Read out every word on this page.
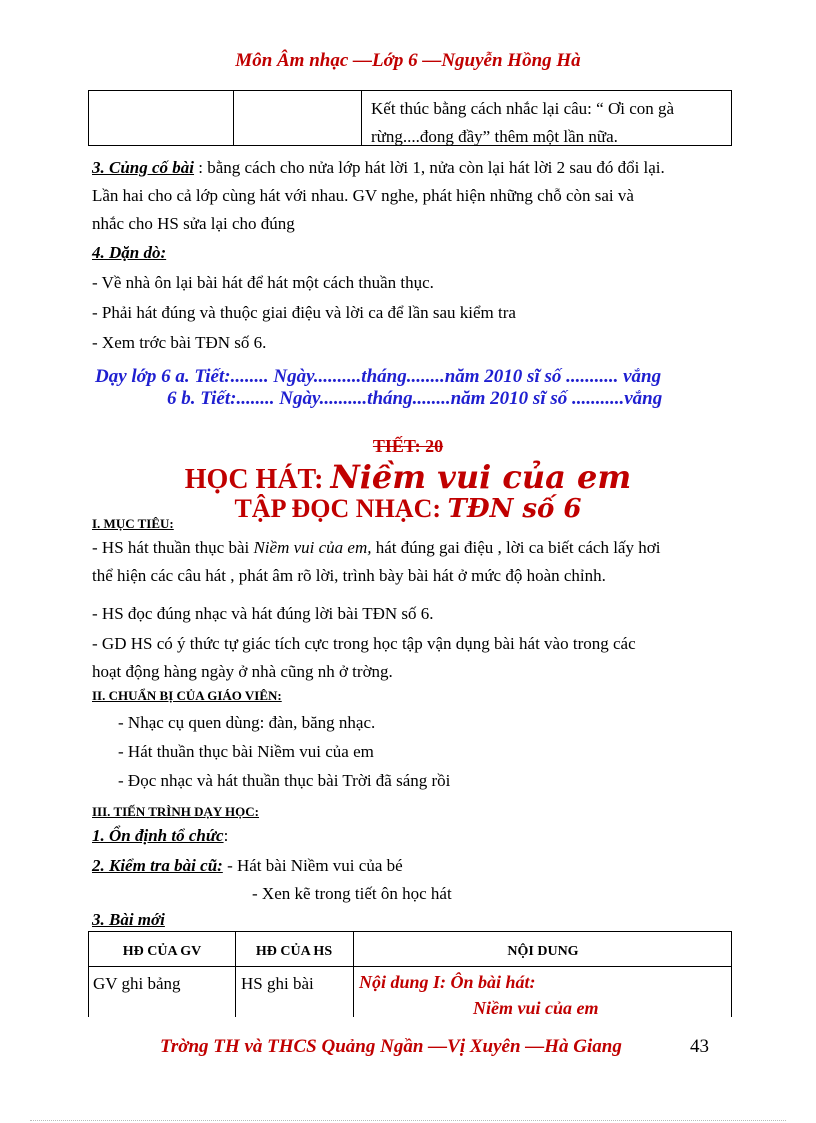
Môn Âm nhạc —Lớp 6 —Nguyễn Hồng Hà
Kết thúc bằng cách nhắc lại câu: “ Ơi con gà
rừng....đong đầy” thêm một lần nữa.
3. Củng cố bài : bằng cách cho nửa lớp hát lời 1, nửa còn lại hát lời 2 sau đó đổi lại.
Lần hai cho cả lớp cùng hát với nhau. GV nghe, phát hiện những chỗ còn sai và
nhắc cho HS sửa lại cho đúng
4. Dặn dò:
- Về nhà ôn lại bài hát để hát một cách thuần thục.
- Phải hát đúng và thuộc giai điệu và lời ca để lần sau kiểm tra
- Xem trớc bài TĐN số 6.
Dạy lớp 6 a. Tiết:........ Ngày..........tháng........năm 2010 sĩ số ........... vắng
6 b. Tiết:........ Ngày..........tháng........năm 2010 sĩ số ...........vắng
TIẾT: 20
HỌC HÁT: Niềm vui của em
TẬP ĐỌC NHẠC: TĐN số 6
I. MỤC TIÊU:
- HS hát thuần thục bài Niềm vui của em, hát đúng gai điệu , lời ca biết cách lấy hơi
thể hiện các câu hát , phát âm rõ lời, trình bày bài hát ở mức độ hoàn chỉnh.
- HS đọc đúng nhạc và hát đúng lời bài TĐN số 6.
- GD HS có ý thức tự giác tích cực trong học tập vận dụng bài hát vào trong các
hoạt động hàng ngày ở nhà cũng nh ở trờng.
II. CHUẨN BỊ CỦA GIÁO VIÊN:
- Nhạc cụ quen dùng: đàn, băng nhạc.
- Hát thuần thục bài Niềm vui của em
- Đọc nhạc và hát thuần thục bài Trời đã sáng rồi
III. TIẾN TRÌNH DẠY HỌC:
1. Ổn định tổ chức:
2. Kiểm tra bài cũ: - Hát bài Niềm vui của bé
- Xen kẽ trong tiết ôn học hát
3. Bài mới
HĐ CỦA GV	HĐ CỦA HS	NỘI DUNG
GV ghi bảng	HS ghi bài	Nội dung I: Ôn bài hát:
Niềm vui của em
Trờng TH và THCS Quảng Ngần —Vị Xuyên —Hà Giang	43
